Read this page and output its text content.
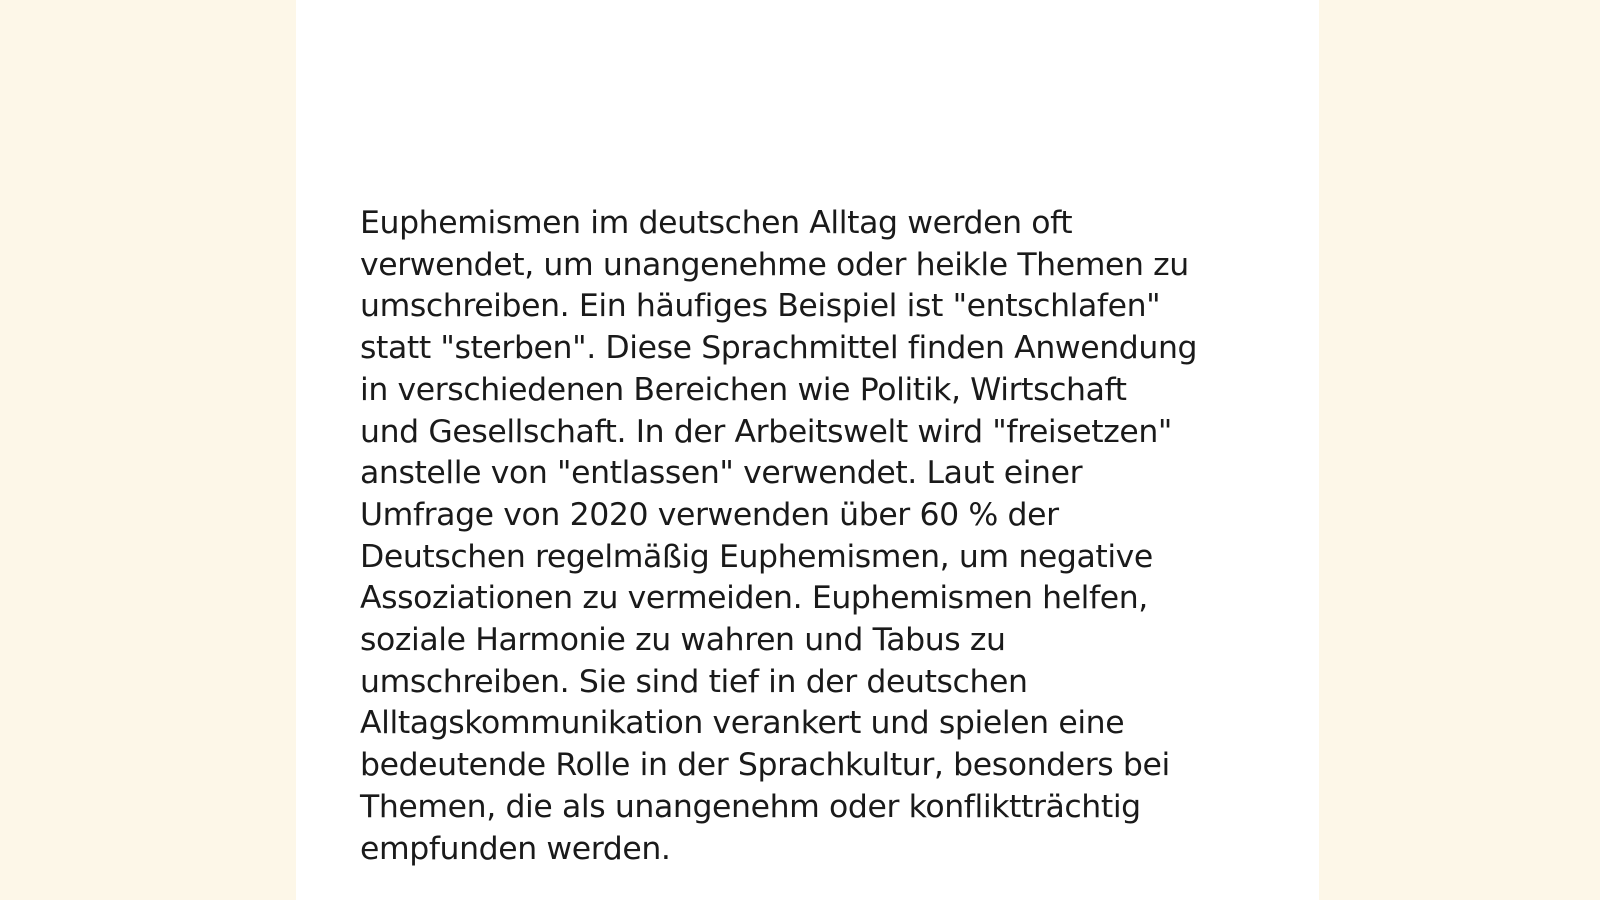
Euphemismen im deutschen Alltag werden oft
verwendet, um unangenehme oder heikle Themen zu
umschreiben. Ein häufiges Beispiel ist "entschlafen"
statt "sterben". Diese Sprachmittel finden Anwendung
in verschiedenen Bereichen wie Politik, Wirtschaft
und Gesellschaft. In der Arbeitswelt wird "freisetzen"
anstelle von "entlassen" verwendet. Laut einer
Umfrage von 2020 verwenden über 60 % der
Deutschen regelmäßig Euphemismen, um negative
Assoziationen zu vermeiden. Euphemismen helfen,
soziale Harmonie zu wahren und Tabus zu
umschreiben. Sie sind tief in der deutschen
Alltagskommunikation verankert und spielen eine
bedeutende Rolle in der Sprachkultur, besonders bei
Themen, die als unangenehm oder konfliktträchtig
empfunden werden.
